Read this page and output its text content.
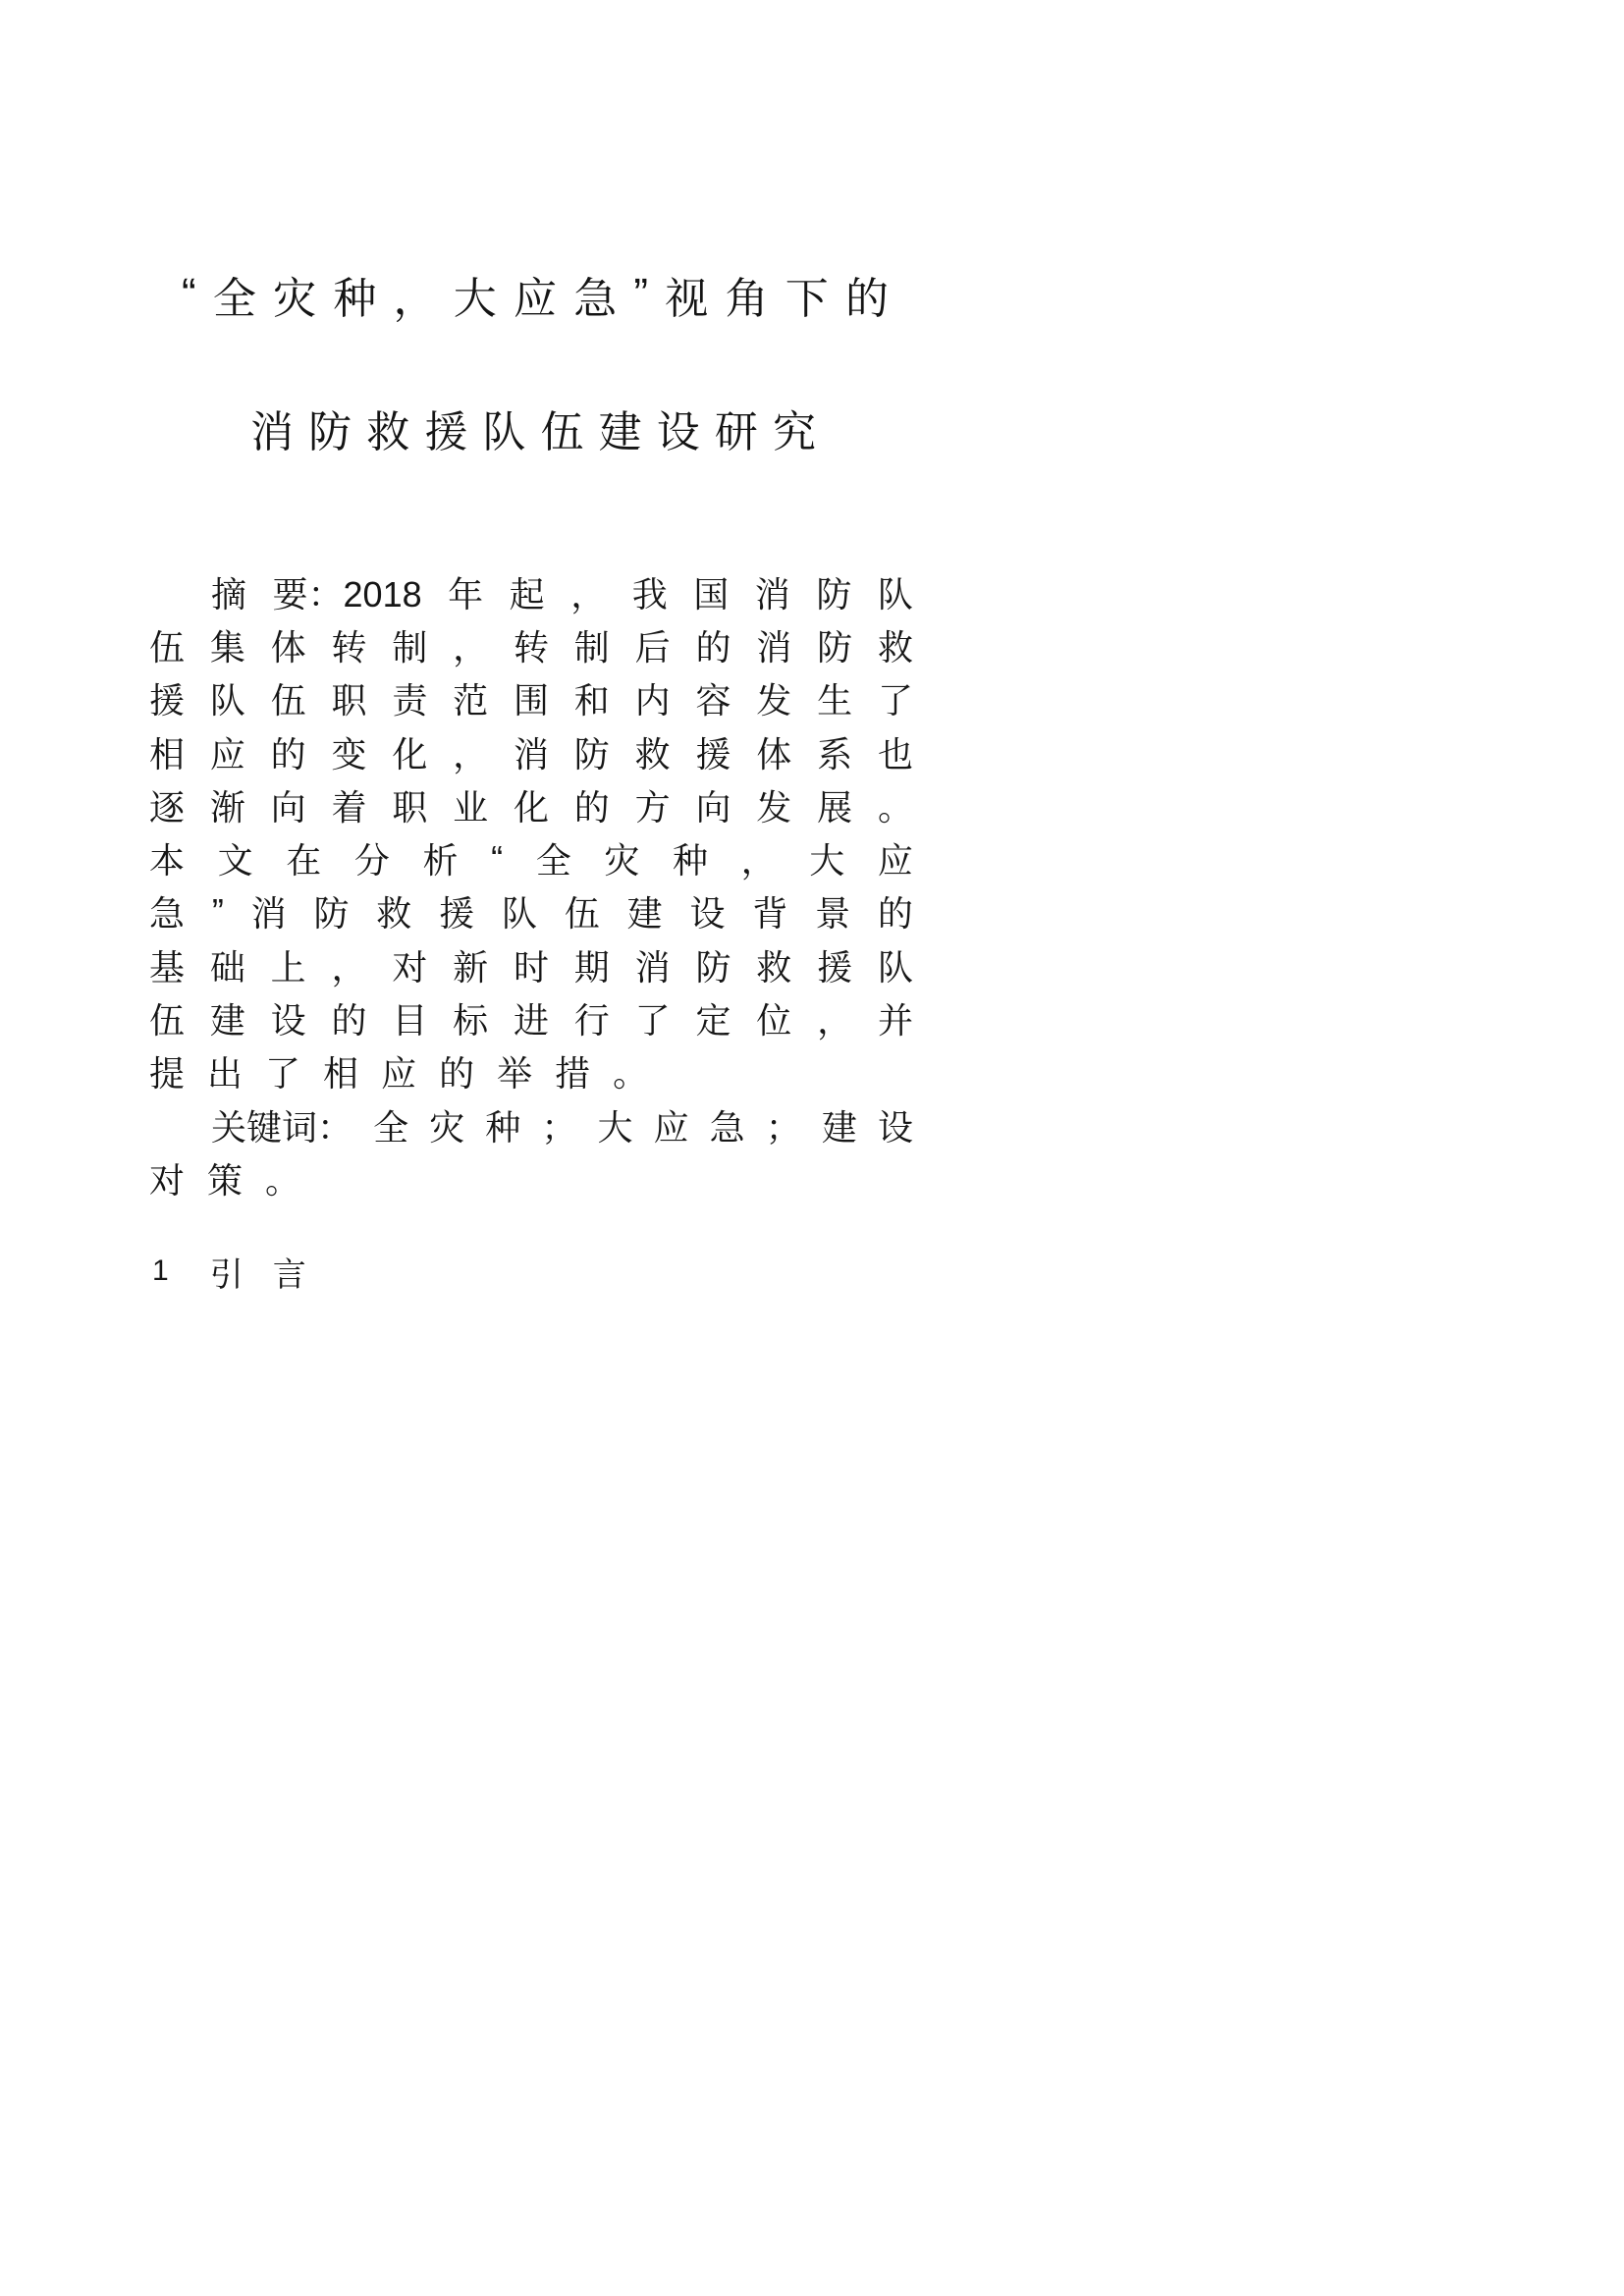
“ 全 灾 种 ， 大 应 急 ” 视 角 下 的
消 防 救 援 队 伍 建 设 研 究
摘 要：2018 年 起 ， 我 国 消 防 队
伍 集 体 转 制 ， 转 制 后 的 消 防 救
援 队 伍 职 责 范 围 和 内 容 发 生 了
相 应 的 变 化 ， 消 防 救 援 体 系 也
逐 渐 向 着 职 业 化 的 方 向 发 展 。
本 文 在 分 析 “ 全 灾 种 ， 大 应
急 ” 消 防 救 援 队 伍 建 设 背 景 的
基 础 上 ， 对 新 时 期 消 防 救 援 队
伍 建 设 的 目 标 进 行 了 定 位 ， 并
提 出 了 相 应 的 举 措 。
关键词： 全 灾 种 ； 大 应 急 ； 建 设
对 策 。
1 引 言
